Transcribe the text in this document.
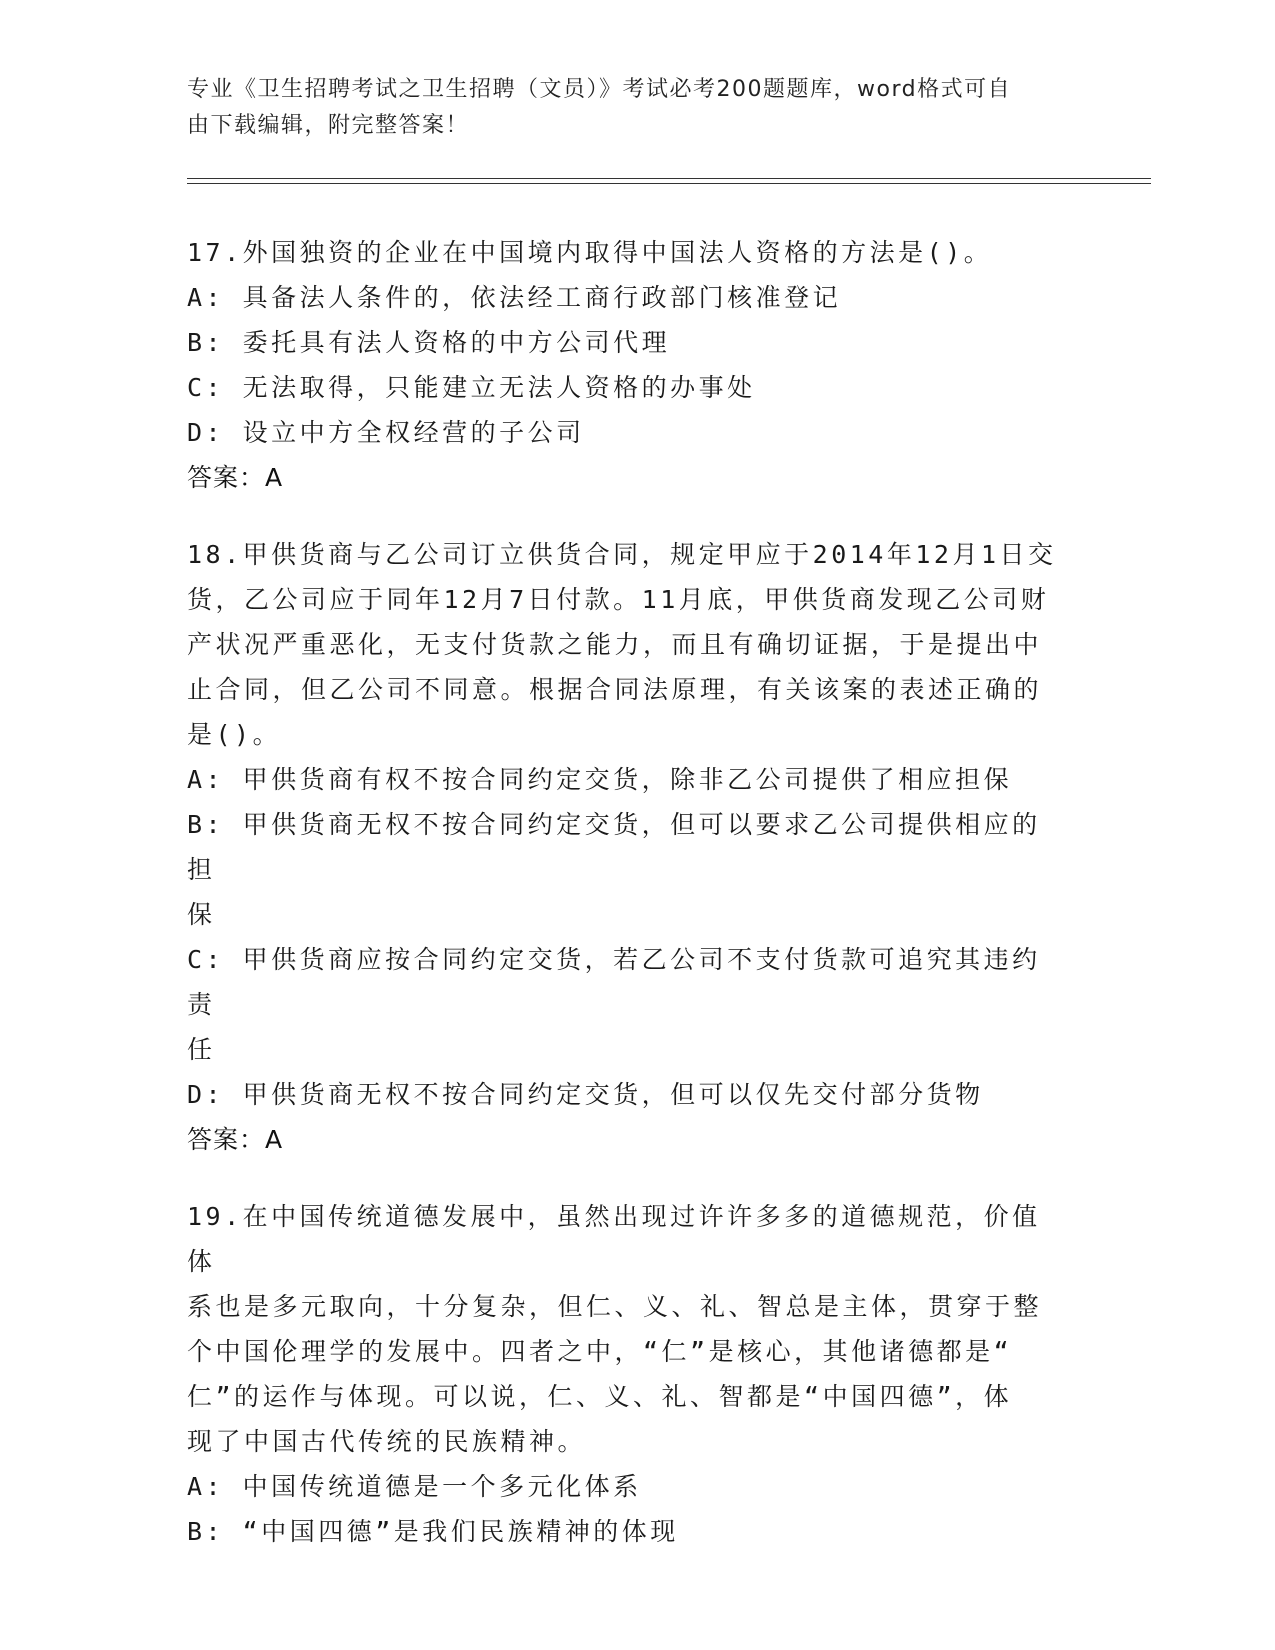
专业《卫生招聘考试之卫生招聘（文员）》考试必考200题题库，word格式可自
由下载编辑，附完整答案！
17.外国独资的企业在中国境内取得中国法人资格的方法是()。
A: 具备法人条件的，依法经工商行政部门核准登记
B: 委托具有法人资格的中方公司代理
C: 无法取得，只能建立无法人资格的办事处
D: 设立中方全权经营的子公司
答案：A
18.甲供货商与乙公司订立供货合同，规定甲应于2014年12月1日交
货，乙公司应于同年12月7日付款。11月底，甲供货商发现乙公司财
产状况严重恶化，无支付货款之能力，而且有确切证据，于是提出中
止合同，但乙公司不同意。根据合同法原理，有关该案的表述正确的
是()。
A: 甲供货商有权不按合同约定交货，除非乙公司提供了相应担保
B: 甲供货商无权不按合同约定交货，但可以要求乙公司提供相应的担
保
C: 甲供货商应按合同约定交货，若乙公司不支付货款可追究其违约责
任
D: 甲供货商无权不按合同约定交货，但可以仅先交付部分货物
答案：A
19.在中国传统道德发展中，虽然出现过许许多多的道德规范，价值体
系也是多元取向，十分复杂，但仁、义、礼、智总是主体，贯穿于整
个中国伦理学的发展中。四者之中，“仁”是核心，其他诸德都是“
仁”的运作与体现。可以说，仁、义、礼、智都是“中国四德”，体
现了中国古代传统的民族精神。
A: 中国传统道德是一个多元化体系
B: “中国四德”是我们民族精神的体现
